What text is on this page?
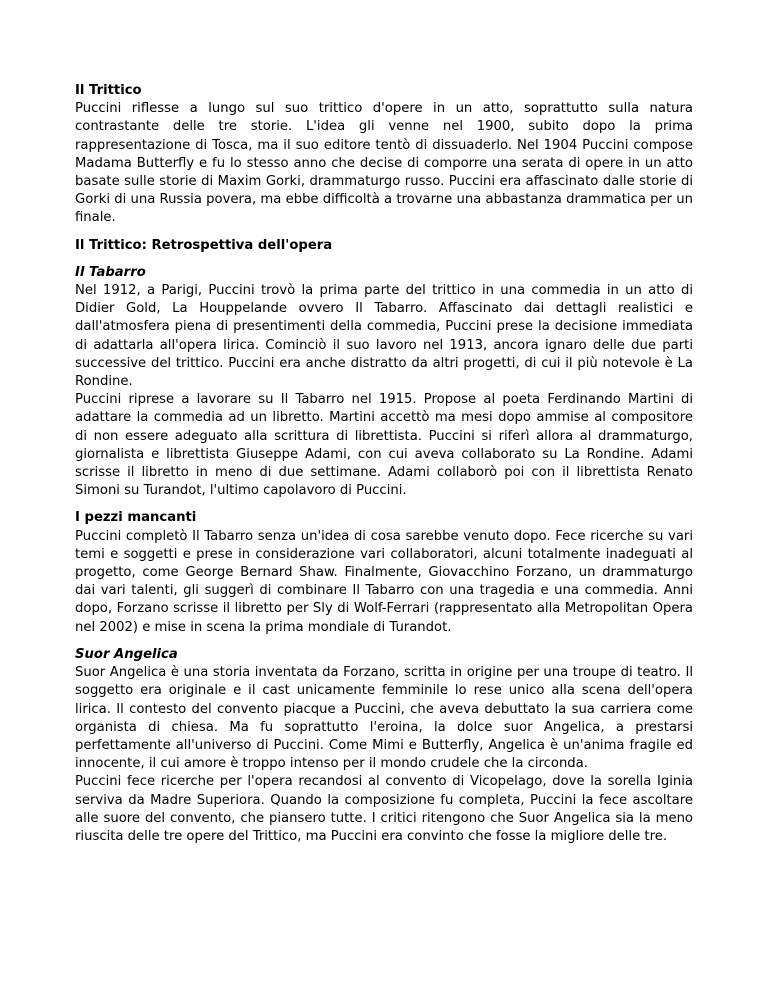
Il Trittico
Puccini riflesse a lungo sul suo trittico d'opere in un atto, soprattutto sulla natura contrastante delle tre storie. L'idea gli venne nel 1900, subito dopo la prima rappresentazione di Tosca, ma il suo editore tentò di dissuaderlo. Nel 1904 Puccini compose Madama Butterfly e fu lo stesso anno che decise di comporre una serata di opere in un atto basate sulle storie di Maxim Gorki, drammaturgo russo. Puccini era affascinato dalle storie di Gorki di una Russia povera, ma ebbe difficoltà a trovarne una abbastanza drammatica per un finale.
Il Trittico: Retrospettiva dell'opera
Il Tabarro
Nel 1912, a Parigi, Puccini trovò la prima parte del trittico in una commedia in un atto di Didier Gold, La Houppelande ovvero Il Tabarro. Affascinato dai dettagli realistici e dall'atmosfera piena di presentimenti della commedia, Puccini prese la decisione immediata di adattarla all'opera lirica. Cominciò il suo lavoro nel 1913, ancora ignaro delle due parti successive del trittico. Puccini era anche distratto da altri progetti, di cui il più notevole è La Rondine.
Puccini riprese a lavorare su Il Tabarro nel 1915. Propose al poeta Ferdinando Martini di adattare la commedia ad un libretto. Martini accettò ma mesi dopo ammise al compositore di non essere adeguato alla scrittura di librettista. Puccini si riferì allora al drammaturgo, giornalista e librettista Giuseppe Adami, con cui aveva collaborato su La Rondine. Adami scrisse il libretto in meno di due settimane. Adami collaborò poi con il librettista Renato Simoni su Turandot, l'ultimo capolavoro di Puccini.
I pezzi mancanti
Puccini completò Il Tabarro senza un'idea di cosa sarebbe venuto dopo. Fece ricerche su vari temi e soggetti e prese in considerazione vari collaboratori, alcuni totalmente inadeguati al progetto, come George Bernard Shaw. Finalmente, Giovacchino Forzano, un drammaturgo dai vari talenti, gli suggerì di combinare Il Tabarro con una tragedia e una commedia. Anni dopo, Forzano scrisse il libretto per Sly di Wolf-Ferrari (rappresentato alla Metropolitan Opera nel 2002) e mise in scena la prima mondiale di Turandot.
Suor Angelica
Suor Angelica è una storia inventata da Forzano, scritta in origine per una troupe di teatro. Il soggetto era originale e il cast unicamente femminile lo rese unico alla scena dell'opera lirica. Il contesto del convento piacque a Puccini, che aveva debuttato la sua carriera come organista di chiesa. Ma fu soprattutto l'eroina, la dolce suor Angelica, a prestarsi perfettamente all'universo di Puccini. Come Mimi e Butterfly, Angelica è un'anima fragile ed innocente, il cui amore è troppo intenso per il mondo crudele che la circonda.
Puccini fece ricerche per l'opera recandosi al convento di Vicopelago, dove la sorella Iginia serviva da Madre Superiora. Quando la composizione fu completa, Puccini la fece ascoltare alle suore del convento, che piansero tutte. I critici ritengono che Suor Angelica sia la meno riuscita delle tre opere del Trittico, ma Puccini era convinto che fosse la migliore delle tre.
